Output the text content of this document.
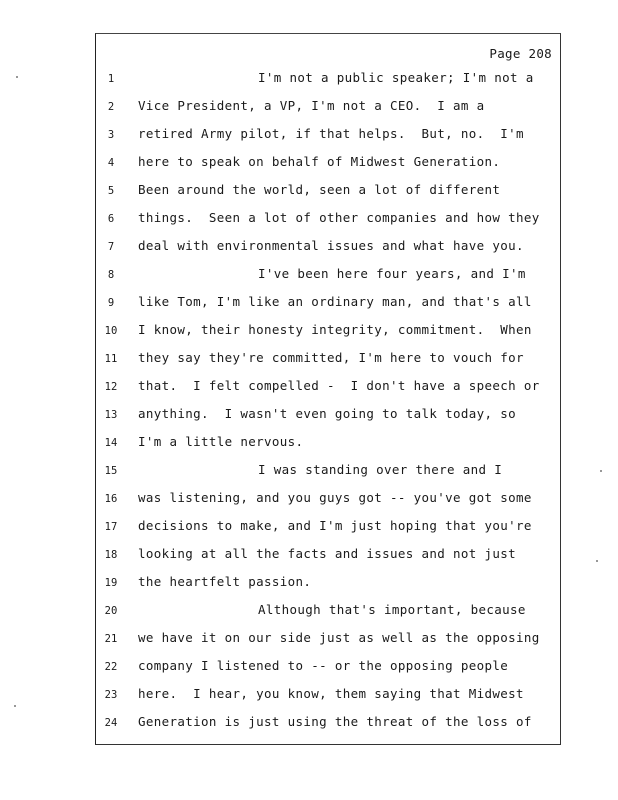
Page 208
1	I'm not a public speaker; I'm not a
2	Vice President, a VP, I'm not a CEO.  I am a
3	retired Army pilot, if that helps.  But, no.  I'm
4	here to speak on behalf of Midwest Generation.
5	Been around the world, seen a lot of different
6	things.  Seen a lot of other companies and how they
7	deal with environmental issues and what have you.
8	I've been here four years, and I'm
9	like Tom, I'm like an ordinary man, and that's all
10	I know, their honesty integrity, commitment.  When
11	they say they're committed, I'm here to vouch for
12	that.  I felt compelled -  I don't have a speech or
13	anything.  I wasn't even going to talk today, so
14	I'm a little nervous.
15	I was standing over there and I
16	was listening, and you guys got -- you've got some
17	decisions to make, and I'm just hoping that you're
18	looking at all the facts and issues and not just
19	the heartfelt passion.
20	Although that's important, because
21	we have it on our side just as well as the opposing
22	company I listened to -- or the opposing people
23	here.  I hear, you know, them saying that Midwest
24	Generation is just using the threat of the loss of
